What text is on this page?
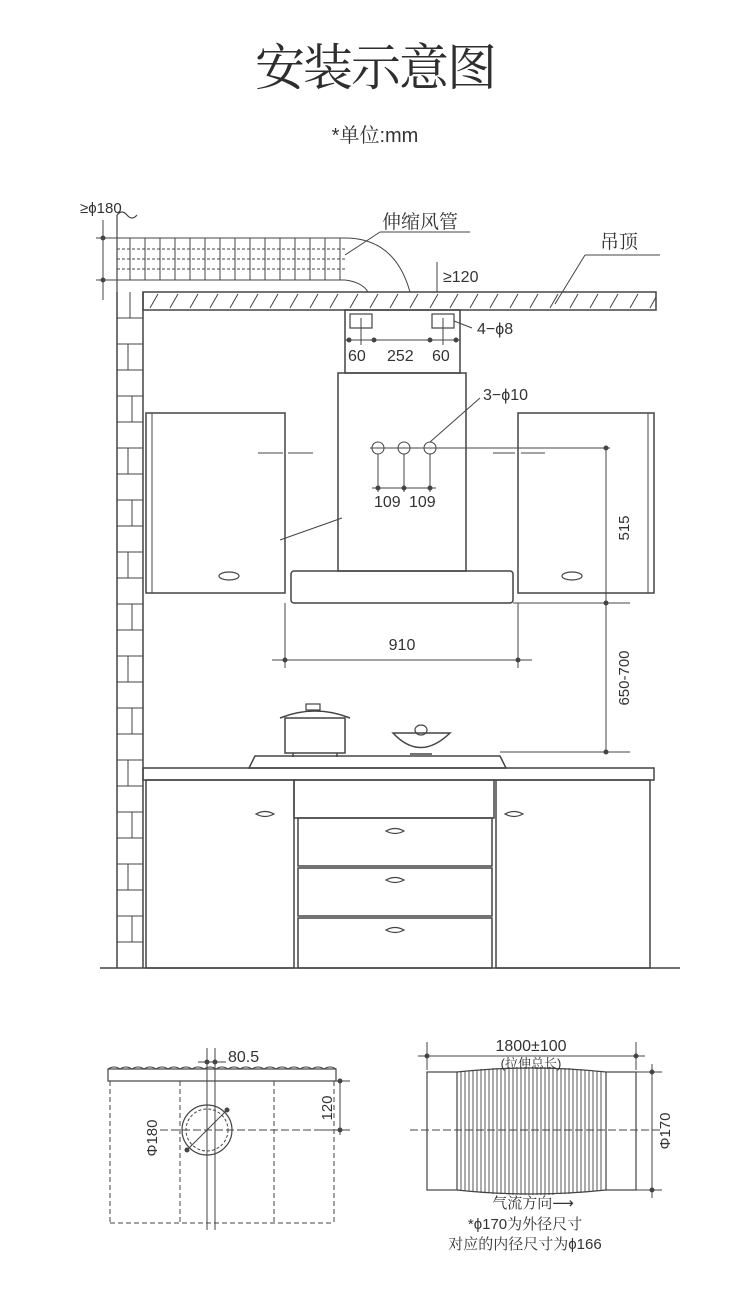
安装示意图
*单位:mm
≥ϕ180
伸缩风管
吊顶
≥120
4−ϕ8
60 252 60
3−ϕ10
109 109
515
650-700
910
80.5
120
Φ180
1800±100
(拉伸总长)
Φ170
气流方向⟶
*ϕ170为外径尺寸
对应的内径尺寸为ϕ166
